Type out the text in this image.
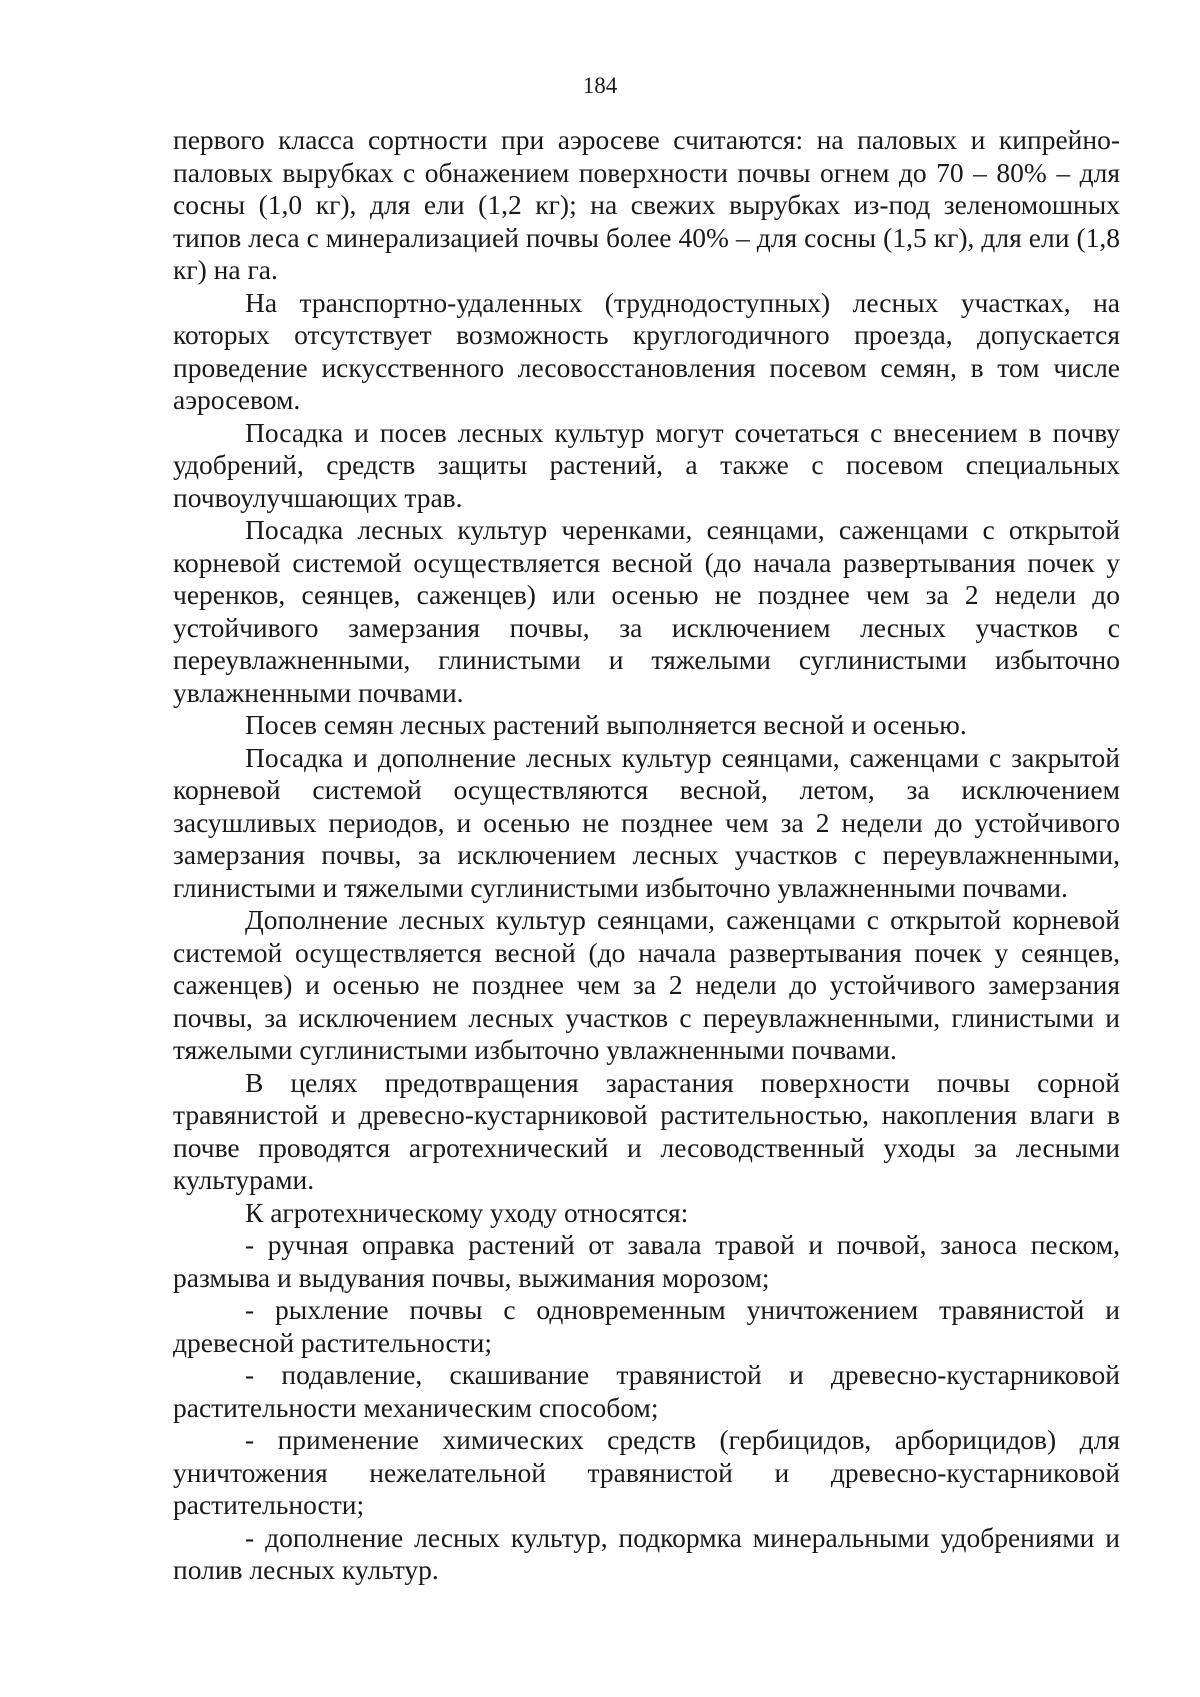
184

первого класса сортности при аэросеве считаются: на паловых и кипрейно-паловых вырубках с обнажением поверхности почвы огнем до 70 – 80% – для сосны (1,0 кг), для ели (1,2 кг); на свежих вырубках из-под зеленомошных типов леса с минерализацией почвы более 40% – для сосны (1,5 кг), для ели (1,8 кг) на га.

На транспортно-удаленных (труднодоступных) лесных участках, на которых отсутствует возможность круглогодичного проезда, допускается проведение искусственного лесовосстановления посевом семян, в том числе аэросевом.

Посадка и посев лесных культур могут сочетаться с внесением в почву удобрений, средств защиты растений, а также с посевом специальных почвоулучшающих трав.

Посадка лесных культур черенками, сеянцами, саженцами с открытой корневой системой осуществляется весной (до начала развертывания почек у черенков, сеянцев, саженцев) или осенью не позднее чем за 2 недели до устойчивого замерзания почвы, за исключением лесных участков с переувлажненными, глинистыми и тяжелыми суглинистыми избыточно увлажненными почвами.

Посев семян лесных растений выполняется весной и осенью.

Посадка и дополнение лесных культур сеянцами, саженцами с закрытой корневой системой осуществляются весной, летом, за исключением засушливых периодов, и осенью не позднее чем за 2 недели до устойчивого замерзания почвы, за исключением лесных участков с переувлажненными, глинистыми и тяжелыми суглинистыми избыточно увлажненными почвами.

Дополнение лесных культур сеянцами, саженцами с открытой корневой системой осуществляется весной (до начала развертывания почек у сеянцев, саженцев) и осенью не позднее чем за 2 недели до устойчивого замерзания почвы, за исключением лесных участков с переувлажненными, глинистыми и тяжелыми суглинистыми избыточно увлажненными почвами.

В целях предотвращения зарастания поверхности почвы сорной травянистой и древесно-кустарниковой растительностью, накопления влаги в почве проводятся агротехнический и лесоводственный уходы за лесными культурами.

К агротехническому уходу относятся:

- ручная оправка растений от завала травой и почвой, заноса песком, размыва и выдувания почвы, выжимания морозом;

- рыхление почвы с одновременным уничтожением травянистой и древесной растительности;

- подавление, скашивание травянистой и древесно-кустарниковой растительности механическим способом;

- применение химических средств (гербицидов, арборицидов) для уничтожения нежелательной травянистой и древесно-кустарниковой растительности;

- дополнение лесных культур, подкормка минеральными удобрениями и полив лесных культур.
